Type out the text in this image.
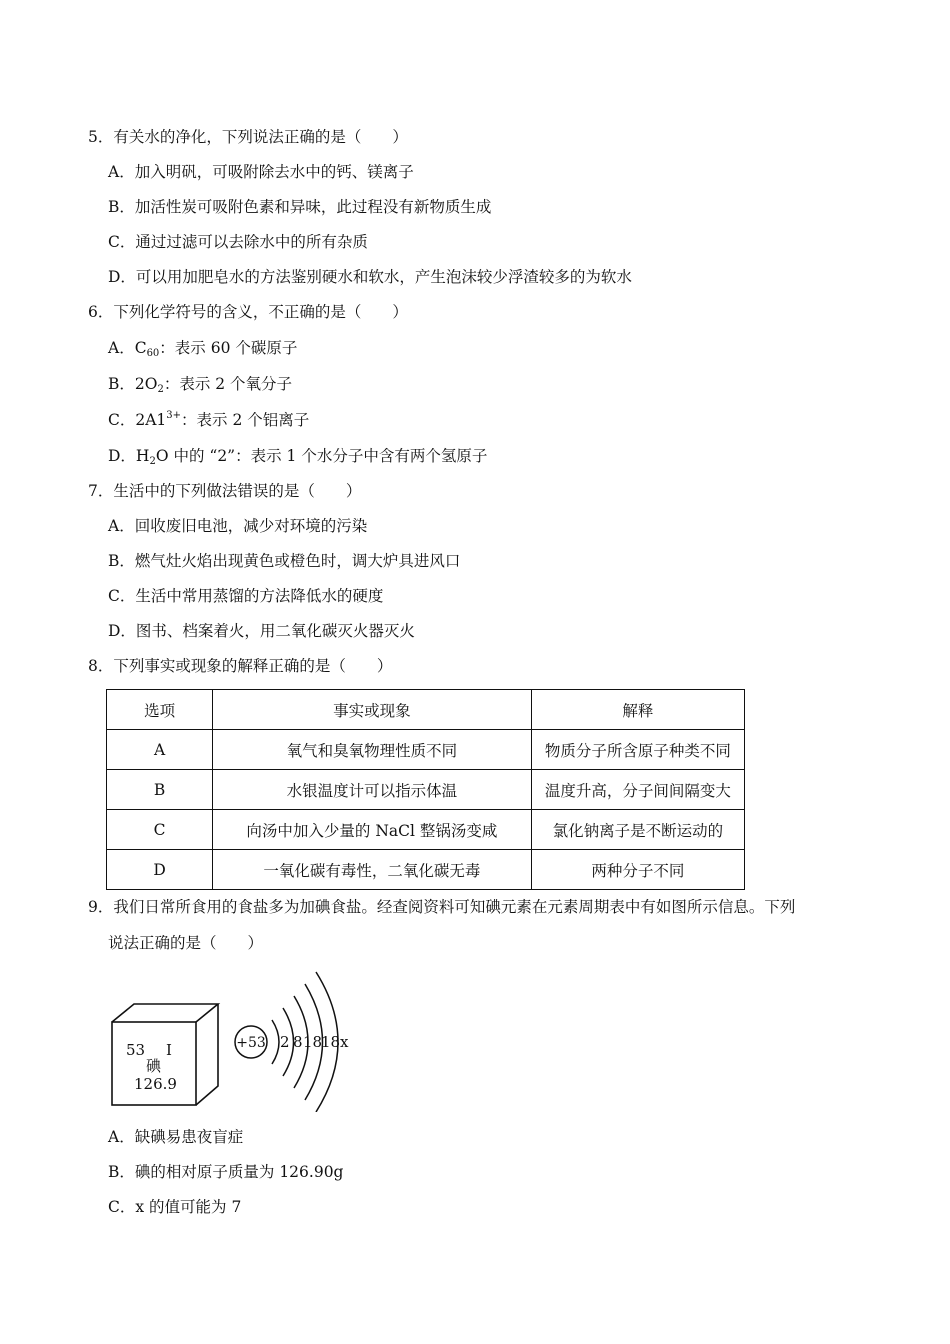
5．有关水的净化，下列说法正确的是（　　）
A．加入明矾，可吸附除去水中的钙、镁离子
B．加活性炭可吸附色素和异味，此过程没有新物质生成
C．通过过滤可以去除水中的所有杂质
D．可以用加肥皂水的方法鉴别硬水和软水，产生泡沫较少浮渣较多的为软水
6．下列化学符号的含义，不正确的是（　　）
A．$C_{60}$：表示 60 个碳原子
B．$2O_2$：表示 2 个氧分子
C．$2A1^{3+}$：表示 2 个铝离子
D．$H_2O$ 中的 “2”：表示 1 个水分子中含有两个氢原子
7．生活中的下列做法错误的是（　　）
A．回收废旧电池，减少对环境的污染
B．燃气灶火焰出现黄色或橙色时，调大炉具进风口
C．生活中常用蒸馏的方法降低水的硬度
D．图书、档案着火，用二氧化碳灭火器灭火
8．下列事实或现象的解释正确的是（　　）
选项	事实或现象	解释
A	氧气和臭氧物理性质不同	物质分子所含原子种类不同
B	水银温度计可以指示体温	温度升高，分子间间隔变大
C	向汤中加入少量的 NaCl 整锅汤变咸	氯化钠离子是不断运动的
D	一氧化碳有毒性，二氧化碳无毒	两种分子不同
9．我们日常所食用的食盐多为加碘食盐。经查阅资料可知碘元素在元素周期表中有如图所示信息。下列
说法正确的是（　　）
53 I
碘
126.9
+53 2 8 18
18 x
A．缺碘易患夜盲症
B．碘的相对原子质量为 126.90g
C．x 的值可能为 7
